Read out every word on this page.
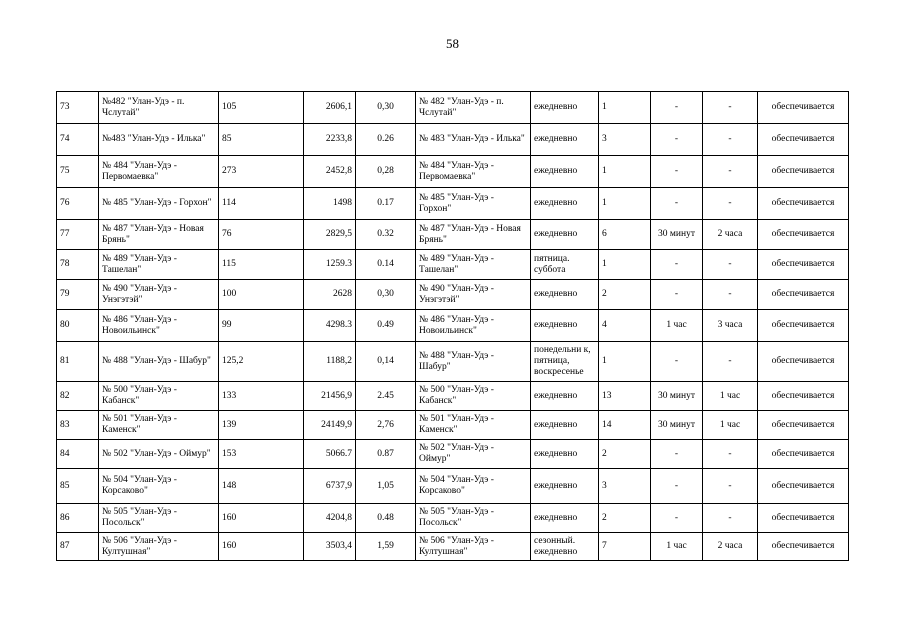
58
73	№482 "Улан-Удэ - п. Чслутай"	105	2606,1	0,30	№ 482 "Улан-Удэ - п. Чслутай"	ежедневно	1	-	-	обеспечивается
74	№483 "Улан-Удэ - Илька"	85	2233,8	0.26	№ 483 "Улан-Удэ - Илька"	ежедневно	3	-	-	обеспечивается
75	№ 484 "Улан-Удэ - Первомаевка"	273	2452,8	0,28	№ 484 "Улан-Удэ - Первомаевка"	ежедневно	1	-	-	обеспечивается
76	№ 485 "Улан-Удэ - Горхон"	114	1498	0.17	№ 485 "Улан-Удэ - Горхон"	ежедневно	1	-	-	обеспечивается
77	№ 487 "Улан-Удэ - Новая Брянь"	76	2829,5	0.32	№ 487 "Улан-Удэ - Новая Брянь"	ежедневно	6	30 минут	2 часа	обеспечивается
78	№ 489 "Улан-Удэ - Ташелан"	115	1259.3	0.14	№ 489 "Улан-Удэ - Ташелан"	пятница. суббота	1	-	-	обеспечивается
79	№ 490 "Улан-Удэ - Унэгэтэй"	100	2628	0,30	№ 490 "Улан-Удэ - Унэгэтэй"	ежедневно	2	-	-	обеспечивается
80	№ 486 "Улан-Удэ - Новоильинск"	99	4298.3	0.49	№ 486 "Улан-Удэ - Новоильинск"	ежедневно	4	1 час	3 часа	обеспечивается
81	№ 488 "Улан-Удэ - Шабур"	125,2	1188,2	0,14	№ 488 "Улан-Удэ - Шабур"	понедельни к, пятница, воскресенье	1	-	-	обеспечивается
82	№ 500 "Улан-Удэ - Кабанск"	133	21456,9	2.45	№ 500 "Улан-Удэ - Кабанск"	ежедневно	13	30 минут	1 час	обеспечивается
83	№ 501 "Улан-Удэ - Каменск"	139	24149,9	2,76	№ 501 "Улан-Удэ - Каменск"	ежедневно	14	30 минут	1 час	обеспечивается
84	№ 502 "Улан-Удэ - Оймур"	153	5066.7	0.87	№ 502 "Улан-Удэ - Оймур"	ежедневно	2	-	-	обеспечивается
85	№ 504 "Улан-Удэ - Корсаково"	148	6737,9	1,05	№ 504 "Улан-Удэ - Корсаково"	ежедневно	3	-	-	обеспечивается
86	№ 505 "Улан-Удэ - Посольск"	160	4204,8	0.48	№ 505 "Улан-Удэ - Посольск"	ежедневно	2	-	-	обеспечивается
87	№ 506 "Улан-Удэ - Култушная"	160	3503,4	1,59	№ 506 "Улан-Удэ - Култушная"	сезонный. ежедневно	7	1 час	2 часа	обеспечивается
